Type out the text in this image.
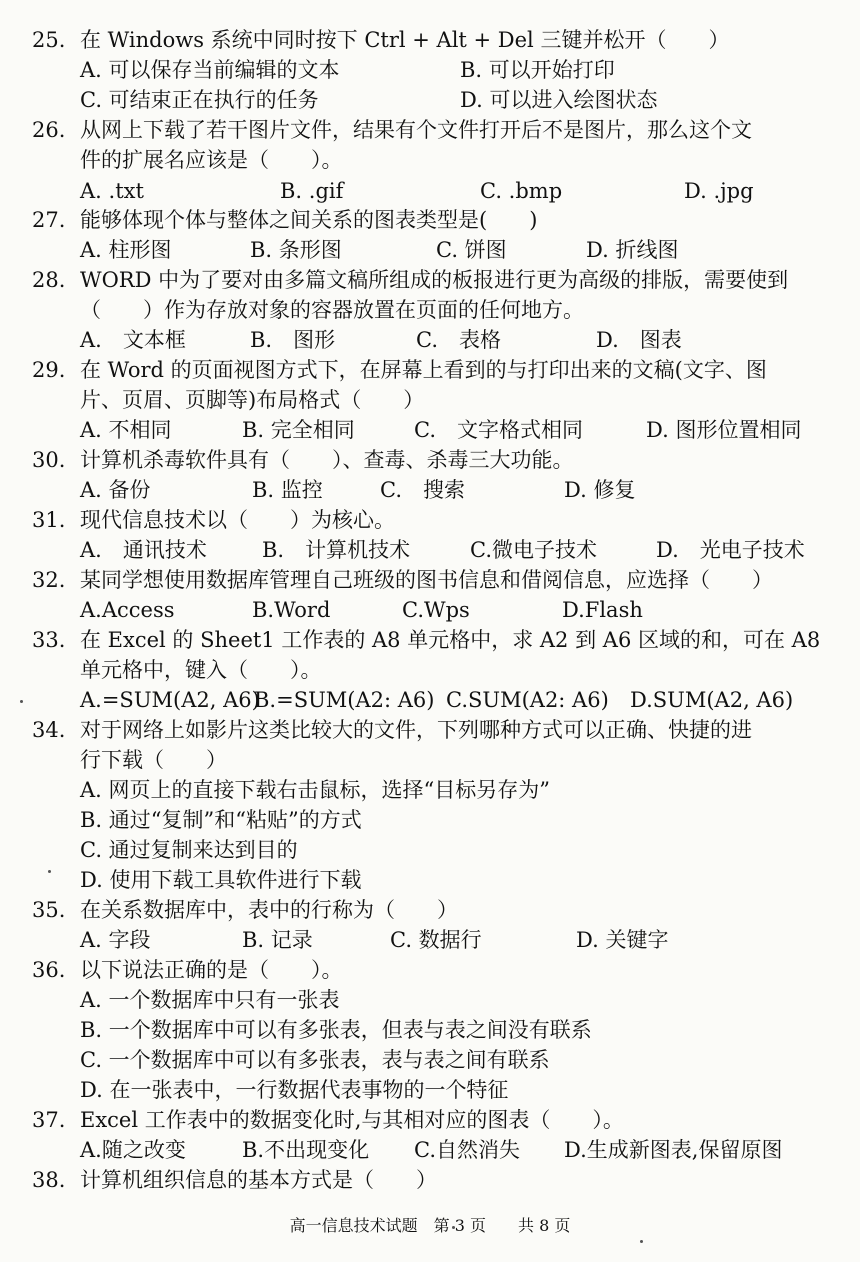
25. 在 Windows 系统中同时按下 Ctrl + Alt + Del 三键并松开（　　）
A. 可以保存当前编辑的文本	B. 可以开始打印
C. 可结束正在执行的任务	D. 可以进入绘图状态
26. 从网上下载了若干图片文件，结果有个文件打开后不是图片，那么这个文
件的扩展名应该是（　　）。
A. .txt	B. .gif	C. .bmp	D. .jpg
27. 能够体现个体与整体之间关系的图表类型是(　　)
A. 柱形图	B. 条形图	C. 饼图	D. 折线图
28. WORD 中为了要对由多篇文稿所组成的板报进行更为高级的排版，需要使到
（　　）作为存放对象的容器放置在页面的任何地方。
A.　文本框	B.　图形	C.　表格	D.　图表
29. 在 Word 的页面视图方式下，在屏幕上看到的与打印出来的文稿(文字、图
片、页眉、页脚等)布局格式（　　）
A. 不相同	B. 完全相同	C.　文字格式相同	D. 图形位置相同
30. 计算机杀毒软件具有（　　）、查毒、杀毒三大功能。
A. 备份	B. 监控	C.　搜索	D. 修复
31. 现代信息技术以（　　）为核心。
A.　通讯技术	B.　计算机技术	C.微电子技术	D.　光电子技术
32. 某同学想使用数据库管理自己班级的图书信息和借阅信息，应选择（　　）
A.Access	B.Word	C.Wps	D.Flash
33. 在 Excel 的 Sheet1 工作表的 A8 单元格中，求 A2 到 A6 区域的和，可在 A8
单元格中，键入（　　）。
A.=SUM(A2, A6)
B.=SUM(A2: A6) C.SUM(A2: A6) D.SUM(A2, A6)
34. 对于网络上如影片这类比较大的文件，下列哪种方式可以正确、快捷的进
行下载（　　）
A. 网页上的直接下载右击鼠标，选择“目标另存为”
B. 通过“复制”和“粘贴”的方式
C. 通过复制来达到目的
D. 使用下载工具软件进行下载
35. 在关系数据库中，表中的行称为（　　）
A. 字段	B. 记录	C. 数据行	D. 关键字
36. 以下说法正确的是（　　）。
A. 一个数据库中只有一张表
B. 一个数据库中可以有多张表，但表与表之间没有联系
C. 一个数据库中可以有多张表，表与表之间有联系
D. 在一张表中，一行数据代表事物的一个特征
37. Excel 工作表中的数据变化时,与其相对应的图表（　　）。
A.随之改变	B.不出现变化 C.自然消失 D.生成新图表,保留原图
38. 计算机组织信息的基本方式是（　　）
高一信息技术试题　第 3 页　　共 8 页
